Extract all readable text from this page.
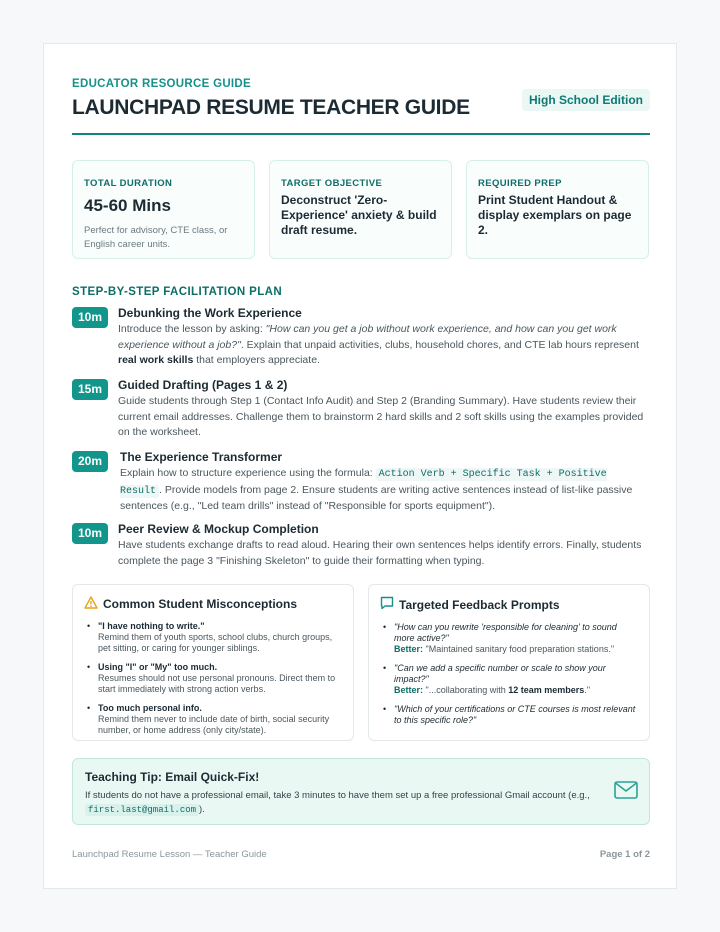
EDUCATOR RESOURCE GUIDE
LAUNCHPAD RESUME TEACHER GUIDE	High School Edition
TOTAL DURATION
45-60 Mins
Perfect for advisory, CTE class, or English career units.
TARGET OBJECTIVE
Deconstruct 'Zero-Experience' anxiety & build draft resume.
REQUIRED PREP
Print Student Handout & display exemplars on page 2.
STEP-BY-STEP FACILITATION PLAN
10m	Debunking the Work Experience
Introduce the lesson by asking: "How can you get a job without work experience, and how can you get work experience without a job?". Explain that unpaid activities, clubs, household chores, and CTE lab hours represent real work skills that employers appreciate.
15m	Guided Drafting (Pages 1 & 2)
Guide students through Step 1 (Contact Info Audit) and Step 2 (Branding Summary). Have students review their current email addresses. Challenge them to brainstorm 2 hard skills and 2 soft skills using the examples provided on the worksheet.
20m	The Experience Transformer
Explain how to structure experience using the formula: Action Verb + Specific Task + Positive Result . Provide models from page 2. Ensure students are writing active sentences instead of list-like passive sentences (e.g., "Led team drills" instead of "Responsible for sports equipment").
10m	Peer Review & Mockup Completion
Have students exchange drafts to read aloud. Hearing their own sentences helps identify errors. Finally, students complete the page 3 "Finishing Skeleton" to guide their formatting when typing.
Common Student Misconceptions
• "I have nothing to write."
Remind them of youth sports, school clubs, church groups, pet sitting, or caring for younger siblings.
• Using "I" or "My" too much.
Resumes should not use personal pronouns. Direct them to start immediately with strong action verbs.
• Too much personal info.
Remind them never to include date of birth, social security number, or home address (only city/state).
Targeted Feedback Prompts
• "How can you rewrite 'responsible for cleaning' to sound more active?"
Better: "Maintained sanitary food preparation stations."
• "Can we add a specific number or scale to show your impact?"
Better: "...collaborating with 12 team members."
• "Which of your certifications or CTE courses is most relevant to this specific role?"
Teaching Tip: Email Quick-Fix!
If students do not have a professional email, take 3 minutes to have them set up a free professional Gmail account (e.g., first.last@gmail.com ).
Launchpad Resume Lesson — Teacher Guide	Page 1 of 2
